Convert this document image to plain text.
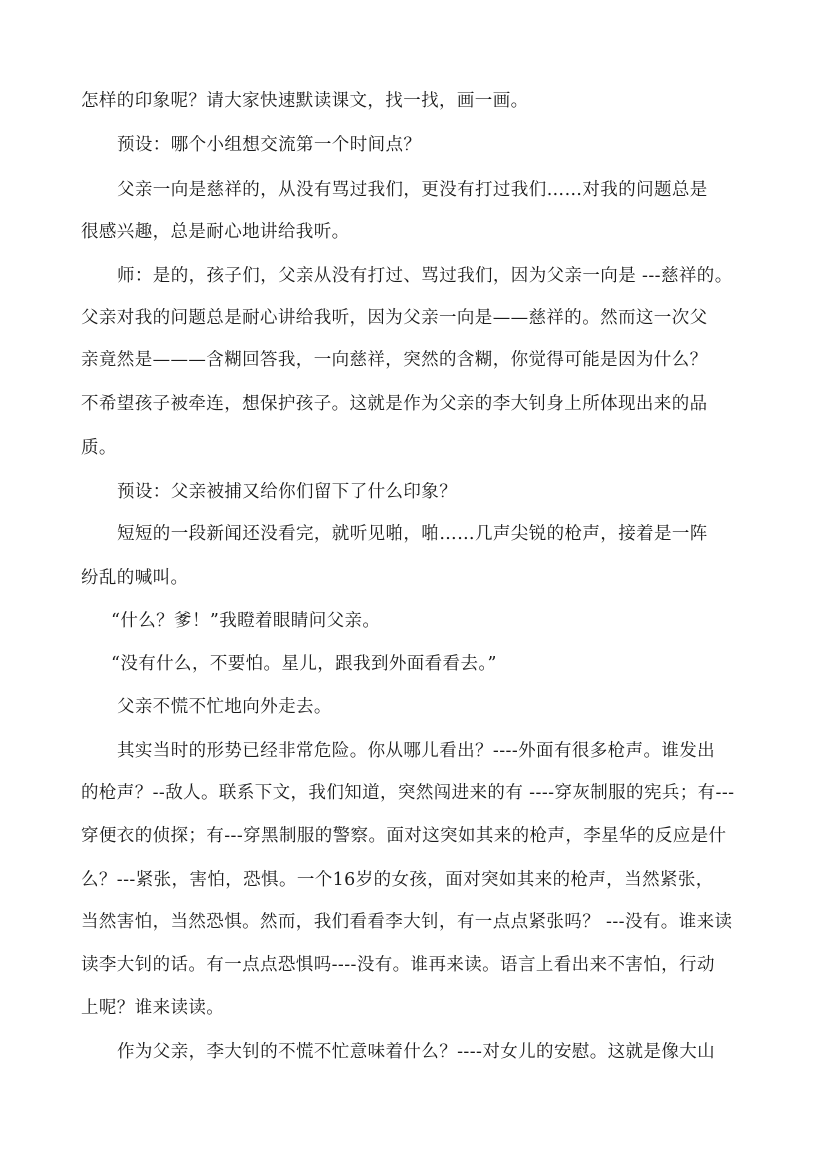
怎样的印象呢？请大家快速默读课文，找一找，画一画。
预设：哪个小组想交流第一个时间点？
父亲一向是慈祥的，从没有骂过我们，更没有打过我们……对我的问题总是
很感兴趣，总是耐心地讲给我听。
师：是的，孩子们，父亲从没有打过、骂过我们，因为父亲一向是 ---慈祥的。
父亲对我的问题总是耐心讲给我听，因为父亲一向是——慈祥的。然而这一次父
亲竟然是———含糊回答我，一向慈祥，突然的含糊，你觉得可能是因为什么？
不希望孩子被牵连，想保护孩子。这就是作为父亲的李大钊身上所体现出来的品
质。
预设：父亲被捕又给你们留下了什么印象？
短短的一段新闻还没看完，就听见啪，啪……几声尖锐的枪声，接着是一阵
纷乱的喊叫。
“什么？爹！”我瞪着眼睛问父亲。
“没有什么，不要怕。星儿，跟我到外面看看去。”
父亲不慌不忙地向外走去。
其实当时的形势已经非常危险。你从哪儿看出？----外面有很多枪声。谁发出
的枪声？--敌人。联系下文，我们知道，突然闯进来的有 ----穿灰制服的宪兵；有---
穿便衣的侦探；有---穿黑制服的警察。面对这突如其来的枪声，李星华的反应是什
么？---紧张，害怕，恐惧。一个16岁的女孩，面对突如其来的枪声，当然紧张，
当然害怕，当然恐惧。然而，我们看看李大钊，有一点点紧张吗？ ---没有。谁来读
读李大钊的话。有一点点恐惧吗----没有。谁再来读。语言上看出来不害怕，行动
上呢？谁来读读。
作为父亲，李大钊的不慌不忙意味着什么？----对女儿的安慰。这就是像大山
